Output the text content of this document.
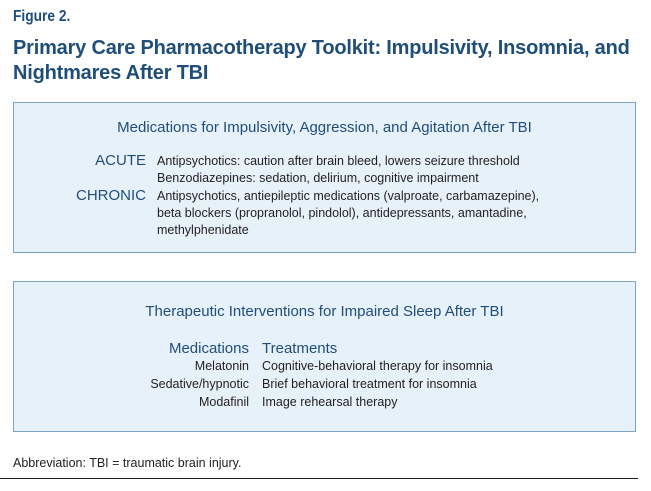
Figure 2.
Primary Care Pharmacotherapy Toolkit: Impulsivity, Insomnia, and Nightmares After TBI
Medications for Impulsivity, Aggression, and Agitation After TBI
ACUTE Antipsychotics: caution after brain bleed, lowers seizure threshold
Benzodiazepines: sedation, delirium, cognitive impairment
CHRONIC Antipsychotics, antiepileptic medications (valproate, carbamazepine),
beta blockers (propranolol, pindolol), antidepressants, amantadine,
methylphenidate
Therapeutic Interventions for Impaired Sleep After TBI
Medications Treatments
Melatonin Cognitive-behavioral therapy for insomnia
Sedative/hypnotic Brief behavioral treatment for insomnia
Modafinil Image rehearsal therapy
Abbreviation: TBI = traumatic brain injury.
